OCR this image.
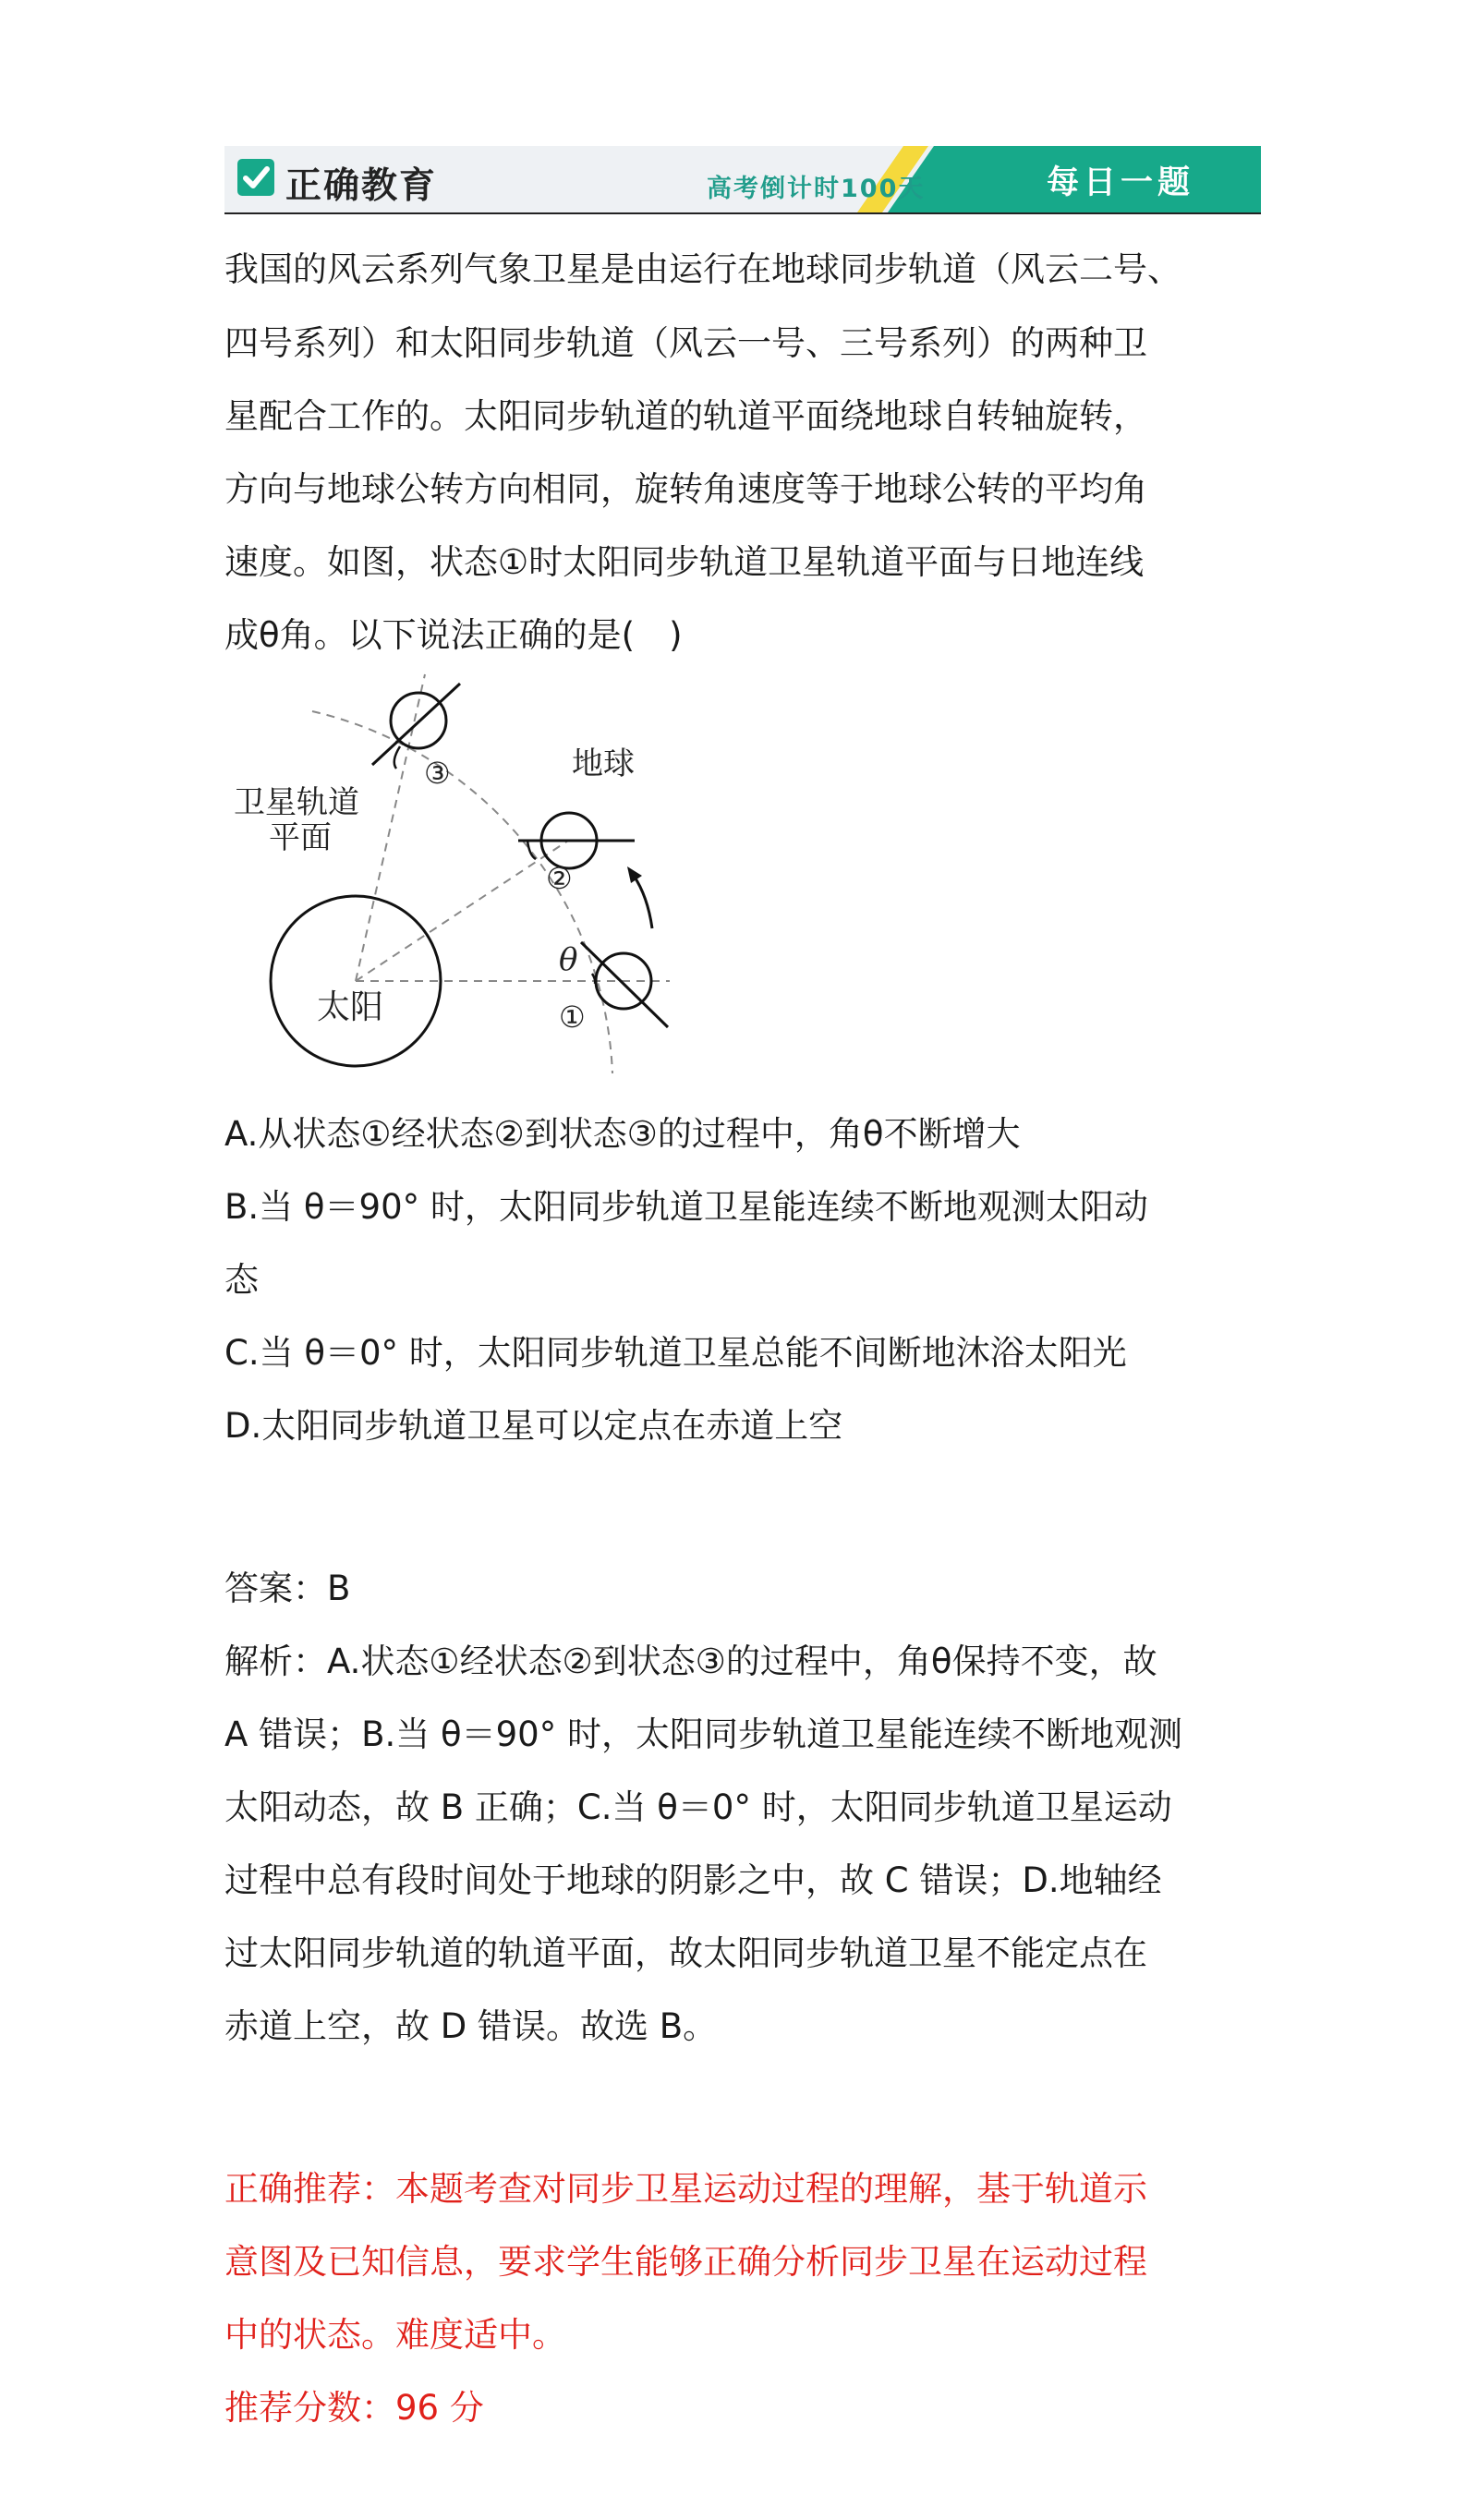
正确教育	高考倒计时100天	每日一题
我国的风云系列气象卫星是由运行在地球同步轨道（风云二号、
四号系列）和太阳同步轨道（风云一号、三号系列）的两种卫
星配合工作的。太阳同步轨道的轨道平面绕地球自转轴旋转，
方向与地球公转方向相同，旋转角速度等于地球公转的平均角
速度。如图，状态①时太阳同步轨道卫星轨道平面与日地连线
成θ角。以下说法正确的是(　)
太阳
③
卫星轨道
平面
地球
②
θ
①
A.从状态①经状态②到状态③的过程中，角θ不断增大
B.当 θ＝90° 时，太阳同步轨道卫星能连续不断地观测太阳动
态
C.当 θ＝0° 时，太阳同步轨道卫星总能不间断地沐浴太阳光
D.太阳同步轨道卫星可以定点在赤道上空
答案：B
解析：A.状态①经状态②到状态③的过程中，角θ保持不变，故
A 错误；B.当 θ＝90° 时，太阳同步轨道卫星能连续不断地观测
太阳动态，故 B 正确；C.当 θ＝0° 时，太阳同步轨道卫星运动
过程中总有段时间处于地球的阴影之中，故 C 错误；D.地轴经
过太阳同步轨道的轨道平面，故太阳同步轨道卫星不能定点在
赤道上空，故 D 错误。故选 B。
正确推荐：本题考查对同步卫星运动过程的理解，基于轨道示
意图及已知信息，要求学生能够正确分析同步卫星在运动过程
中的状态。难度适中。
推荐分数：96 分
